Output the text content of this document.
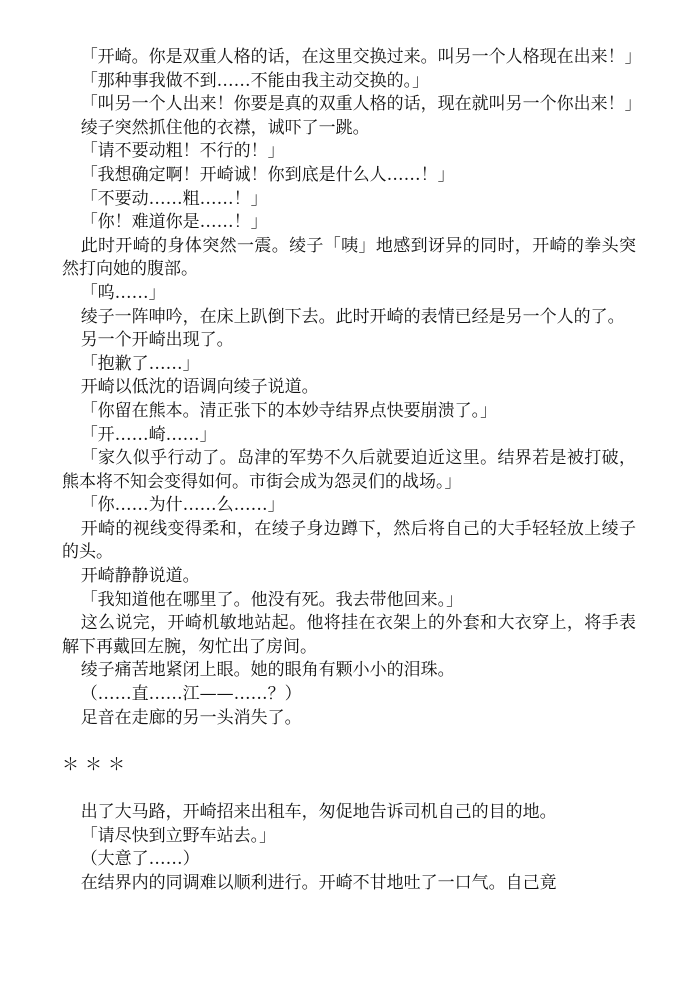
「开崎。你是双重人格的话，在这里交换过来。叫另一个人格现在出来！」

「那种事我做不到……不能由我主动交换的。」

「叫另一个人出来！你要是真的双重人格的话，现在就叫另一个你出来！」

绫子突然抓住他的衣襟，诚吓了一跳。

「请不要动粗！不行的！」

「我想确定啊！开崎诚！你到底是什么人……！」

「不要动……粗……！」

「你！难道你是……！」

此时开崎的身体突然一震。绫子「咦」地感到讶异的同时，开崎的拳头突然打向她的腹部。

「呜……」

绫子一阵呻吟，在床上趴倒下去。此时开崎的表情已经是另一个人的了。

另一个开崎出现了。

「抱歉了……」

开崎以低沈的语调向绫子说道。

「你留在熊本。清正张下的本妙寺结界点快要崩溃了。」

「开……崎……」

「家久似乎行动了。岛津的军势不久后就要迫近这里。结界若是被打破，熊本将不知会变得如何。市街会成为怨灵们的战场。」

「你……为什……么……」

开崎的视线变得柔和，在绫子身边蹲下，然后将自己的大手轻轻放上绫子的头。

开崎静静说道。

「我知道他在哪里了。他没有死。我去带他回来。」

这么说完，开崎机敏地站起。他将挂在衣架上的外套和大衣穿上，将手表解下再戴回左腕，匆忙出了房间。

绫子痛苦地紧闭上眼。她的眼角有颗小小的泪珠。

（……直……江——……？）

足音在走廊的另一头消失了。

＊＊＊

出了大马路，开崎招来出租车，匆促地告诉司机自己的目的地。

「请尽快到立野车站去。」

（大意了……）

在结界内的同调难以顺利进行。开崎不甘地吐了一口气。自己竟
